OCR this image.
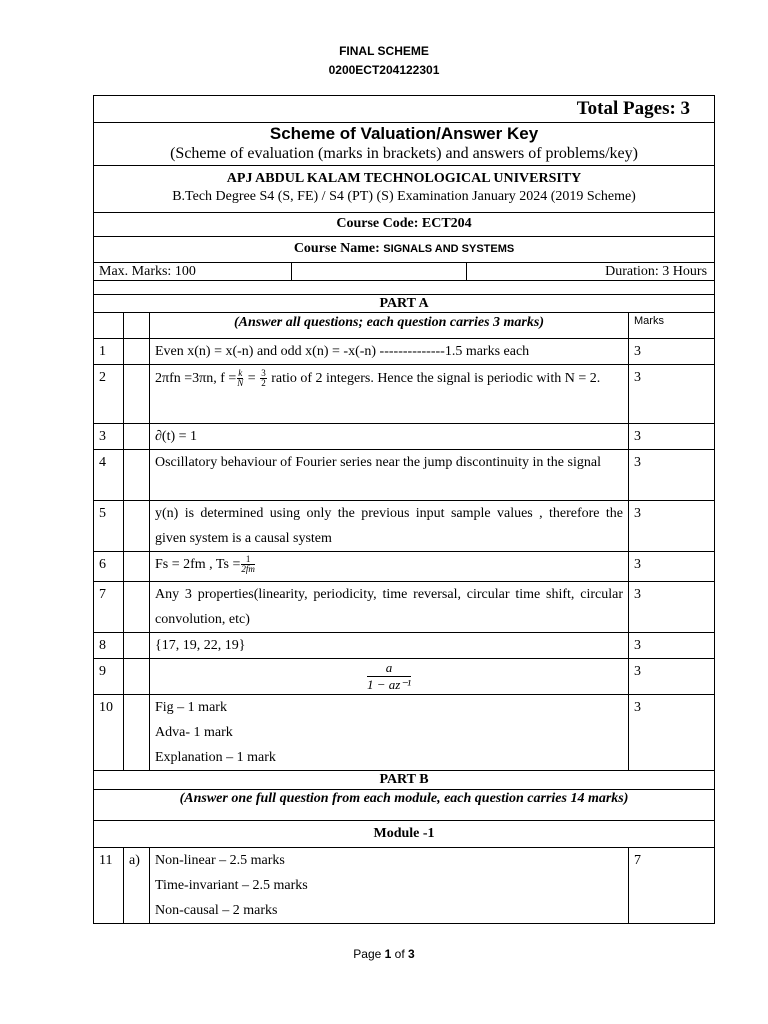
FINAL SCHEME
0200ECT204122301
Total Pages: 3

Scheme of Valuation/Answer Key
(Scheme of evaluation (marks in brackets) and answers of problems/key)

APJ ABDUL KALAM TECHNOLOGICAL UNIVERSITY
B.Tech Degree S4 (S, FE) / S4 (PT) (S) Examination January 2024 (2019 Scheme)

Course Code: ECT204
Course Name: SIGNALS AND SYSTEMS

Max. Marks: 100		Duration: 3 Hours

PART A
		(Answer all questions; each question carries 3 marks)	Marks
1		Even x(n) = x(-n) and odd x(n) = -x(-n) --------------1.5 marks each	3
2		2πfn =3πn, $f = \frac{k}{N} = \frac{3}{2}$ ratio of 2 integers. Hence the signal is periodic with N = 2.	3
3		∂(t) = 1	3
4		Oscillatory behaviour of Fourier series near the jump discontinuity in the signal	3
5		y(n) is determined using only the previous input sample values , therefore the given system is a causal system	3
6		Fs = 2fm , $Ts = \frac{1}{2fm}$	3
7		Any 3 properties(linearity, periodicity, time reversal, circular time shift, circular convolution, etc)	3
8		{17, 19, 22, 19}	3
9		$\frac{a}{\text{1 − az⁻¹}}$	3
10		Fig – 1 mark
Adva- 1 mark
Explanation – 1 mark
	3
PART B
(Answer one full question from each module, each question carries 14 marks)
Module -1
11	a)	Non-linear – 2.5 marks
Time-invariant – 2.5 marks
Non-causal – 2 marks
	7
Page 1 of 3
